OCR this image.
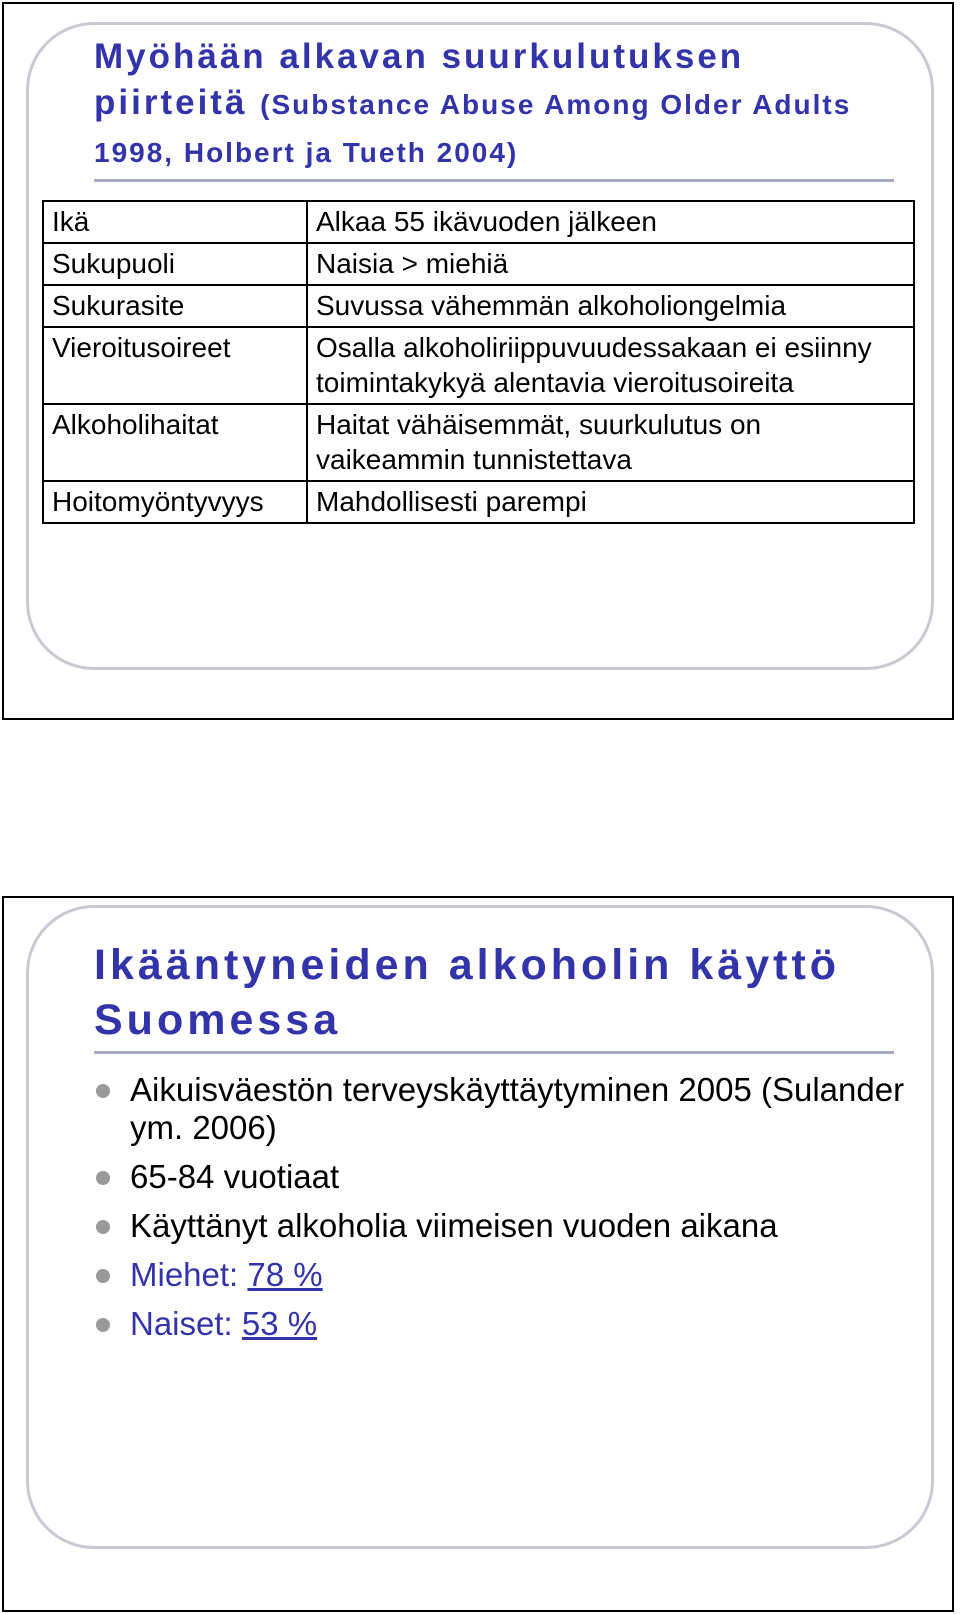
Myöhään alkavan suurkulutuksen piirteitä (Substance Abuse Among Older Adults 1998, Holbert ja Tueth 2004)
Ikä	Alkaa 55 ikävuoden jälkeen
Sukupuoli	Naisia > miehiä
Sukurasite	Suvussa vähemmän alkoholiongelmia
Vieroitusoireet	Osalla alkoholiriippuvuudessakaan ei esiinny toimintakykyä alentavia vieroitusoireita
Alkoholihaitat	Haitat vähäisemmät, suurkulutus on vaikeammin tunnistettava
Hoitomyöntyvyys	Mahdollisesti parempi
Ikääntyneiden alkoholin käyttö Suomessa
Aikuisväestön terveyskäyttäytyminen 2005 (Sulander ym. 2006)
65-84 vuotiaat
Käyttänyt alkoholia viimeisen vuoden aikana
Miehet: 78 %
Naiset: 53 %
